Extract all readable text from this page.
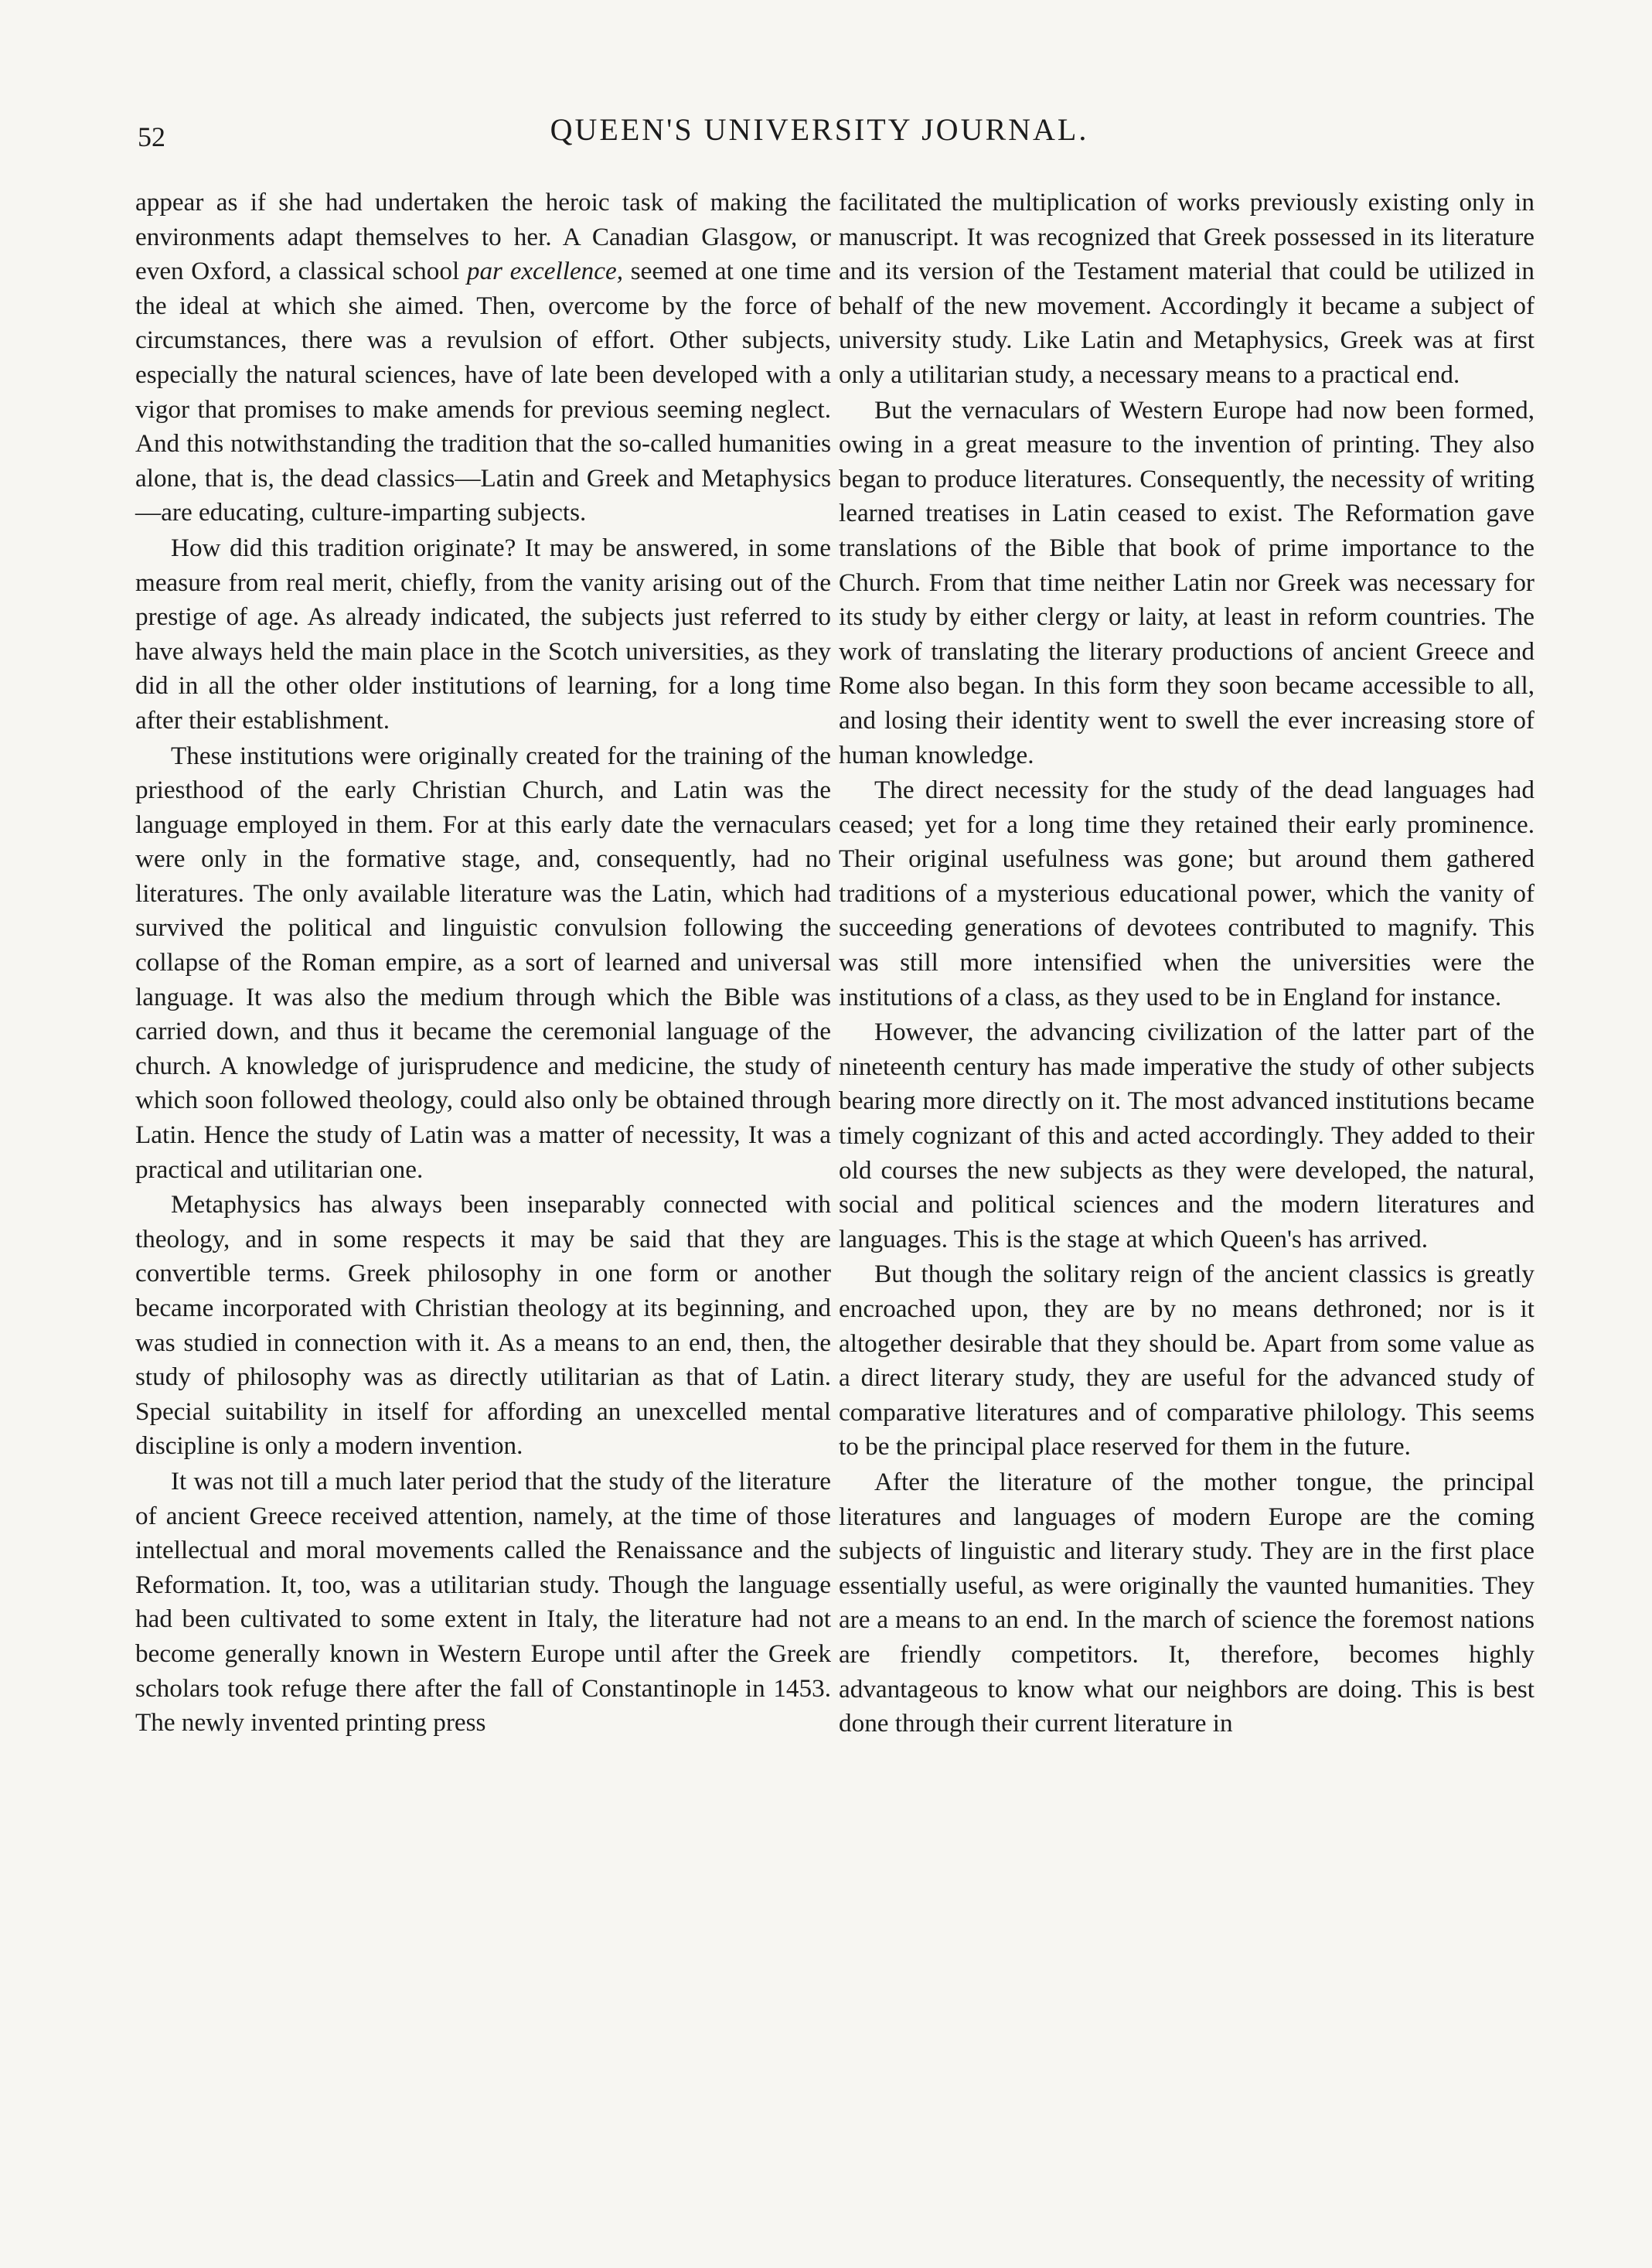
52	QUEEN'S UNIVERSITY JOURNAL.

appear as if she had undertaken the heroic task of making the environments adapt themselves to her. A Canadian Glasgow, or even Oxford, a classical school par excellence, seemed at one time the ideal at which she aimed. Then, overcome by the force of circumstances, there was a revulsion of effort. Other subjects, especially the natural sciences, have of late been developed with a vigor that promises to make amends for previous seeming neglect. And this notwithstanding the tradition that the so-called humanities alone, that is, the dead classics—Latin and Greek and Metaphysics—are educating, culture-imparting subjects.

How did this tradition originate? It may be answered, in some measure from real merit, chiefly, from the vanity arising out of the prestige of age. As already indicated, the subjects just referred to have always held the main place in the Scotch universities, as they did in all the other older institutions of learning, for a long time after their establishment.

These institutions were originally created for the training of the priesthood of the early Christian Church, and Latin was the language employed in them. For at this early date the vernaculars were only in the formative stage, and, consequently, had no literatures. The only available literature was the Latin, which had survived the political and linguistic convulsion following the collapse of the Roman empire, as a sort of learned and universal language. It was also the medium through which the Bible was carried down, and thus it became the ceremonial language of the church. A knowledge of jurisprudence and medicine, the study of which soon followed theology, could also only be obtained through Latin. Hence the study of Latin was a matter of necessity, It was a practical and utilitarian one.

Metaphysics has always been inseparably connected with theology, and in some respects it may be said that they are convertible terms. Greek philosophy in one form or another became incorporated with Christian theology at its beginning, and was studied in connection with it. As a means to an end, then, the study of philosophy was as directly utilitarian as that of Latin. Special suitability in itself for affording an unexcelled mental discipline is only a modern invention.

It was not till a much later period that the study of the literature of ancient Greece received attention, namely, at the time of those intellectual and moral movements called the Renaissance and the Reformation. It, too, was a utilitarian study. Though the language had been cultivated to some extent in Italy, the literature had not become generally known in Western Europe until after the Greek scholars took refuge there after the fall of Constantinople in 1453. The newly invented printing press

facilitated the multiplication of works previously existing only in manuscript. It was recognized that Greek possessed in its literature and its version of the Testament material that could be utilized in behalf of the new movement. Accordingly it became a subject of university study. Like Latin and Metaphysics, Greek was at first only a utilitarian study, a necessary means to a practical end.

But the vernaculars of Western Europe had now been formed, owing in a great measure to the invention of printing. They also began to produce literatures. Consequently, the necessity of writing learned treatises in Latin ceased to exist. The Reformation gave translations of the Bible that book of prime importance to the Church. From that time neither Latin nor Greek was necessary for its study by either clergy or laity, at least in reform countries. The work of translating the literary productions of ancient Greece and Rome also began. In this form they soon became accessible to all, and losing their identity went to swell the ever increasing store of human knowledge.

The direct necessity for the study of the dead languages had ceased; yet for a long time they retained their early prominence. Their original usefulness was gone; but around them gathered traditions of a mysterious educational power, which the vanity of succeeding generations of devotees contributed to magnify. This was still more intensified when the universities were the institutions of a class, as they used to be in England for instance.

However, the advancing civilization of the latter part of the nineteenth century has made imperative the study of other subjects bearing more directly on it. The most advanced institutions became timely cognizant of this and acted accordingly. They added to their old courses the new subjects as they were developed, the natural, social and political sciences and the modern literatures and languages. This is the stage at which Queen's has arrived.

But though the solitary reign of the ancient classics is greatly encroached upon, they are by no means dethroned; nor is it altogether desirable that they should be. Apart from some value as a direct literary study, they are useful for the advanced study of comparative literatures and of comparative philology. This seems to be the principal place reserved for them in the future.

After the literature of the mother tongue, the principal literatures and languages of modern Europe are the coming subjects of linguistic and literary study. They are in the first place essentially useful, as were originally the vaunted humanities. They are a means to an end. In the march of science the foremost nations are friendly competitors. It, therefore, becomes highly advantageous to know what our neighbors are doing. This is best done through their current literature in
